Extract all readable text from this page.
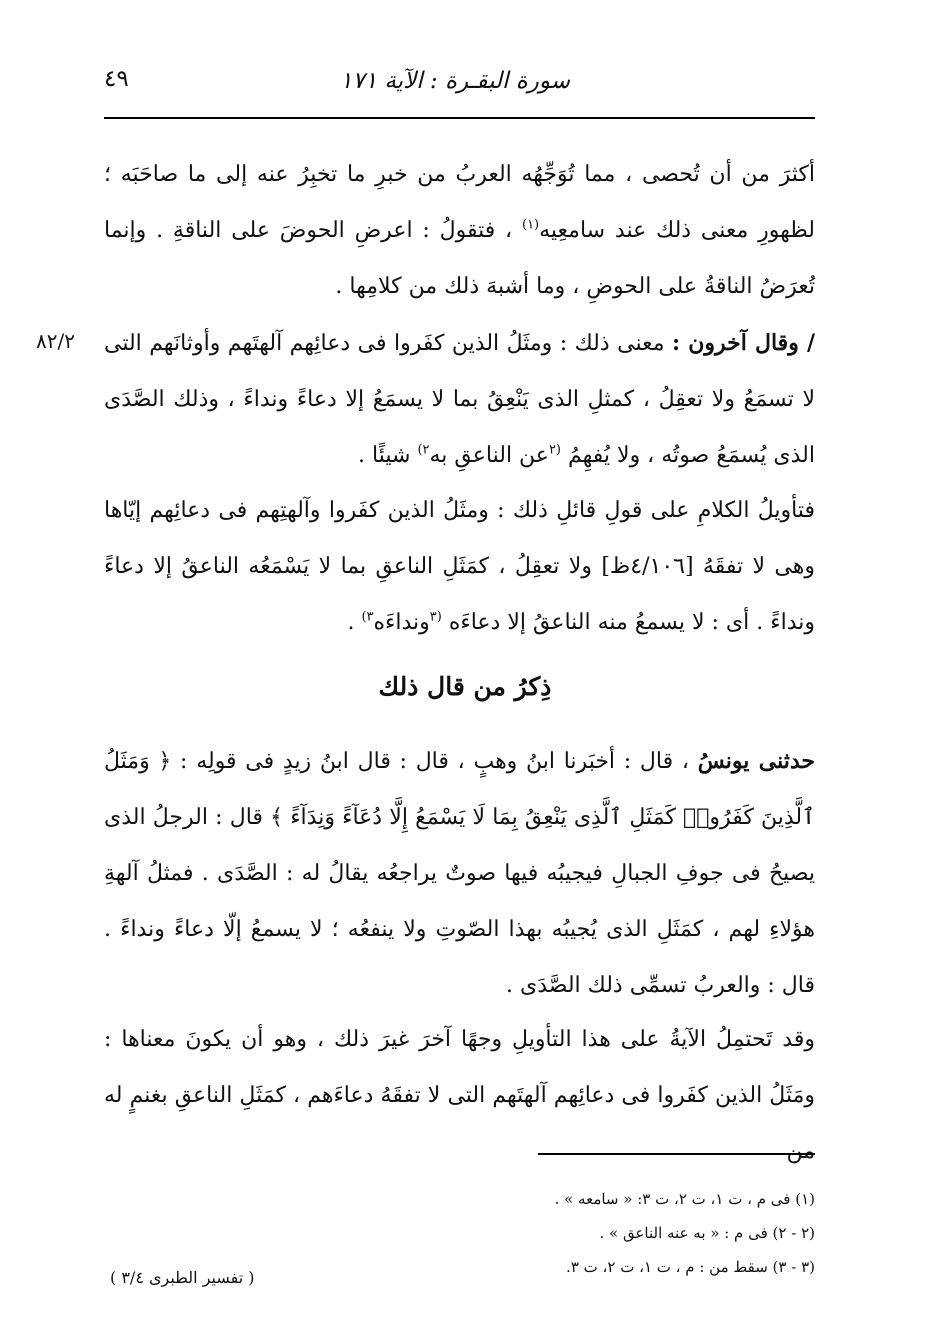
سورة البقـرة : الآية ١٧١
٤٩

أكثرَ من أن تُحصى ، مما تُوَجِّهُه العربُ من خبرِ ما تخبِرُ عنه إلى ما صاحَبَه ؛ لظهورِ معنى ذلك عند سامعِيه$^{(١)}$ ، فتقولُ : اعرضِ الحوضَ على الناقةِ . وإنما تُعرَضُ الناقةُ على الحوضِ ، وما أشبهَ ذلك من كلامِها .

/ وقال آخرون : معنى ذلك : ومثَلُ الذين كفَروا فى دعائِهم آلهتَهم وأوثانَهم التى لا تسمَعُ ولا تعقِلُ ، كمثلِ الذى يَنْعِقُ بما لا يسمَعُ إلا دعاءً ونداءً ، وذلك الصَّدَى الذى يُسمَعُ صوتُه ، ولا يُفهِمُ $^{(٢}$عن الناعقِ به$^{٢)}$ شيئًا .

٨٢/٢

فتأويلُ الكلامِ على قولِ قائلِ ذلك : ومثَلُ الذين كفَروا وآلهتِهم فى دعائِهم إيّاها وهى لا تفقَهُ [٤/١٠٦ظ] ولا تعقِلُ ، كمَثَلِ الناعقِ بما لا يَسْمَعُه الناعقُ إلا دعاءً ونداءً . أى : لا يسمعُ منه الناعقُ إلا دعاءَه $^{(٣}$ونداءَه$^{٣)}$ .

ذِكرُ من قال ذلك

حدثنى يونسُ ، قال : أخبَرنا ابنُ وهبٍ ، قال : قال ابنُ زيدٍ فى قولِه : ﴿ وَمَثَلُ ٱلَّذِينَ كَفَرُوا۟ كَمَثَلِ ٱلَّذِى يَنْعِقُ بِمَا لَا يَسْمَعُ إِلَّا دُعَآءً وَنِدَآءً ﴾ قال : الرجلُ الذى يصيحُ فى جوفِ الجبالِ فيجيبُه فيها صوتٌ يراجعُه يقالُ له : الصَّدَى . فمثلُ آلهةِ هؤلاءِ لهم ، كمَثَلِ الذى يُجيبُه بهذا الصّوتِ ولا ينفعُه ؛ لا يسمعُ إلّا دعاءً ونداءً . قال : والعربُ تسمِّى ذلك الصَّدَى .

وقد تَحتمِلُ الآيةُ على هذا التأويلِ وجهًا آخرَ غيرَ ذلك ، وهو أن يكونَ معناها : ومَثَلُ الذين كفَروا فى دعائِهم آلهتَهم التى لا تفقَهُ دعاءَهم ، كمَثَلِ الناعقِ بغنمٍ له من

(١) فى م ، ت ١، ت ٢، ت ٣: « سامعه » .
(٢ - ٢) فى م : « به عنه الناعق » .
(٣ - ٣) سقط من : م ، ت ١، ت ٢، ت ٣.
( تفسير الطبرى ٣/٤ )
